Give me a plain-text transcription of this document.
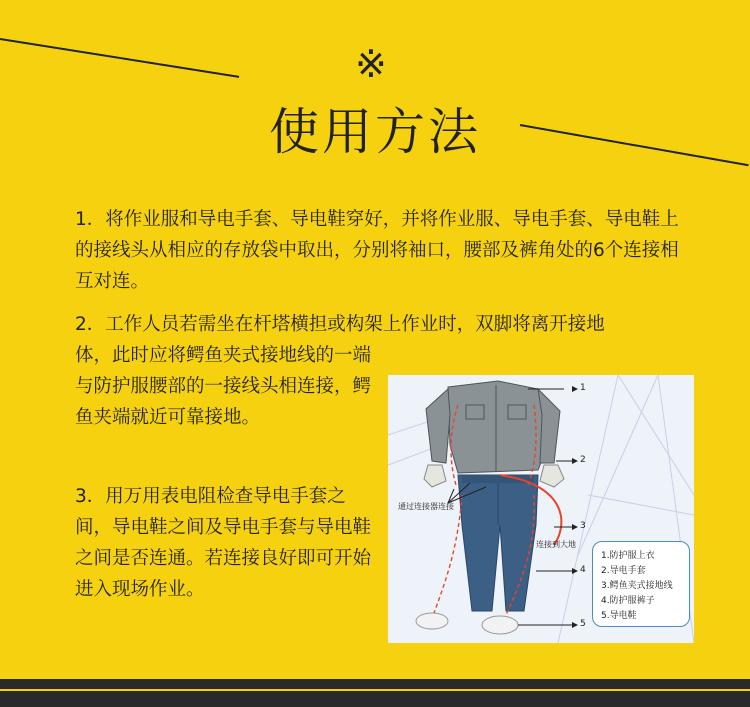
※
使用方法
1．将作业服和导电手套、导电鞋穿好，并将作业服、导电手套、导电鞋上的接线头从相应的存放袋中取出，分别将袖口，腰部及裤角处的6个连接相互对连。
2．工作人员若需坐在杆塔横担或构架上作业时，双脚将离开接地
体，此时应将鳄鱼夹式接地线的一端与防护服腰部的一接线头相连接，鳄鱼夹端就近可靠接地。
3．用万用表电阻检查导电手套之间，导电鞋之间及导电手套与导电鞋之间是否连通。若连接良好即可开始进入现场作业。
通过连接器连接
连接到大地
1
2
3
4
5
1.防护服上衣
2.导电手套
3.鳄鱼夹式接地线
4.防护服裤子
5.导电鞋
